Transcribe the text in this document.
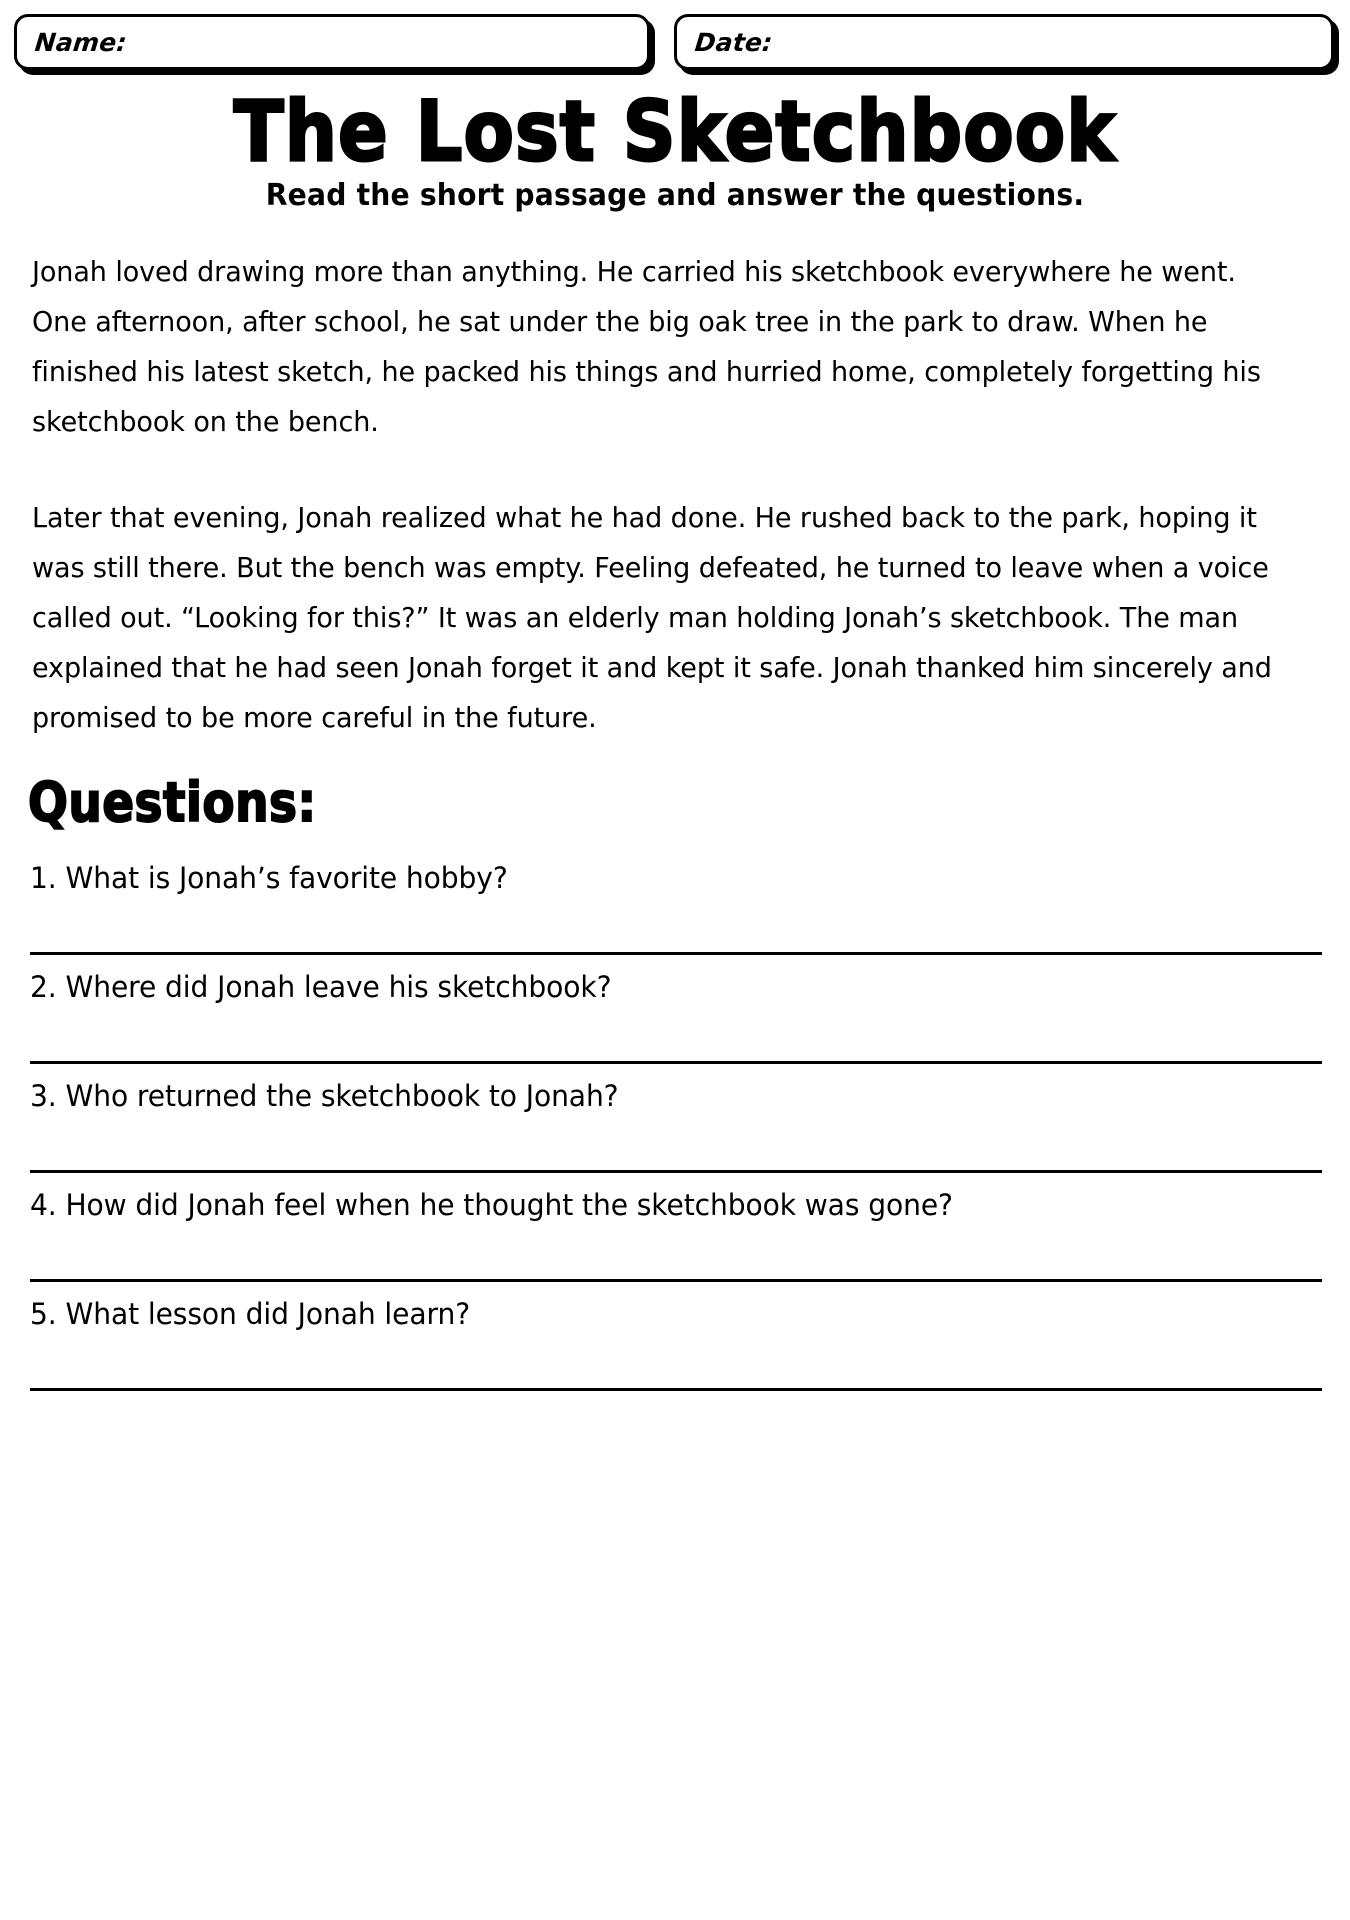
Name:	Date:
The Lost Sketchbook
Read the short passage and answer the questions.

Jonah loved drawing more than anything. He carried his sketchbook everywhere he went. One afternoon, after school, he sat under the big oak tree in the park to draw. When he finished his latest sketch, he packed his things and hurried home, completely forgetting his sketchbook on the bench.

Later that evening, Jonah realized what he had done. He rushed back to the park, hoping it was still there. But the bench was empty. Feeling defeated, he turned to leave when a voice called out. “Looking for this?” It was an elderly man holding Jonah’s sketchbook. The man explained that he had seen Jonah forget it and kept it safe. Jonah thanked him sincerely and promised to be more careful in the future.

Questions:
1. What is Jonah’s favorite hobby?
2. Where did Jonah leave his sketchbook?
3. Who returned the sketchbook to Jonah?
4. How did Jonah feel when he thought the sketchbook was gone?
5. What lesson did Jonah learn?
